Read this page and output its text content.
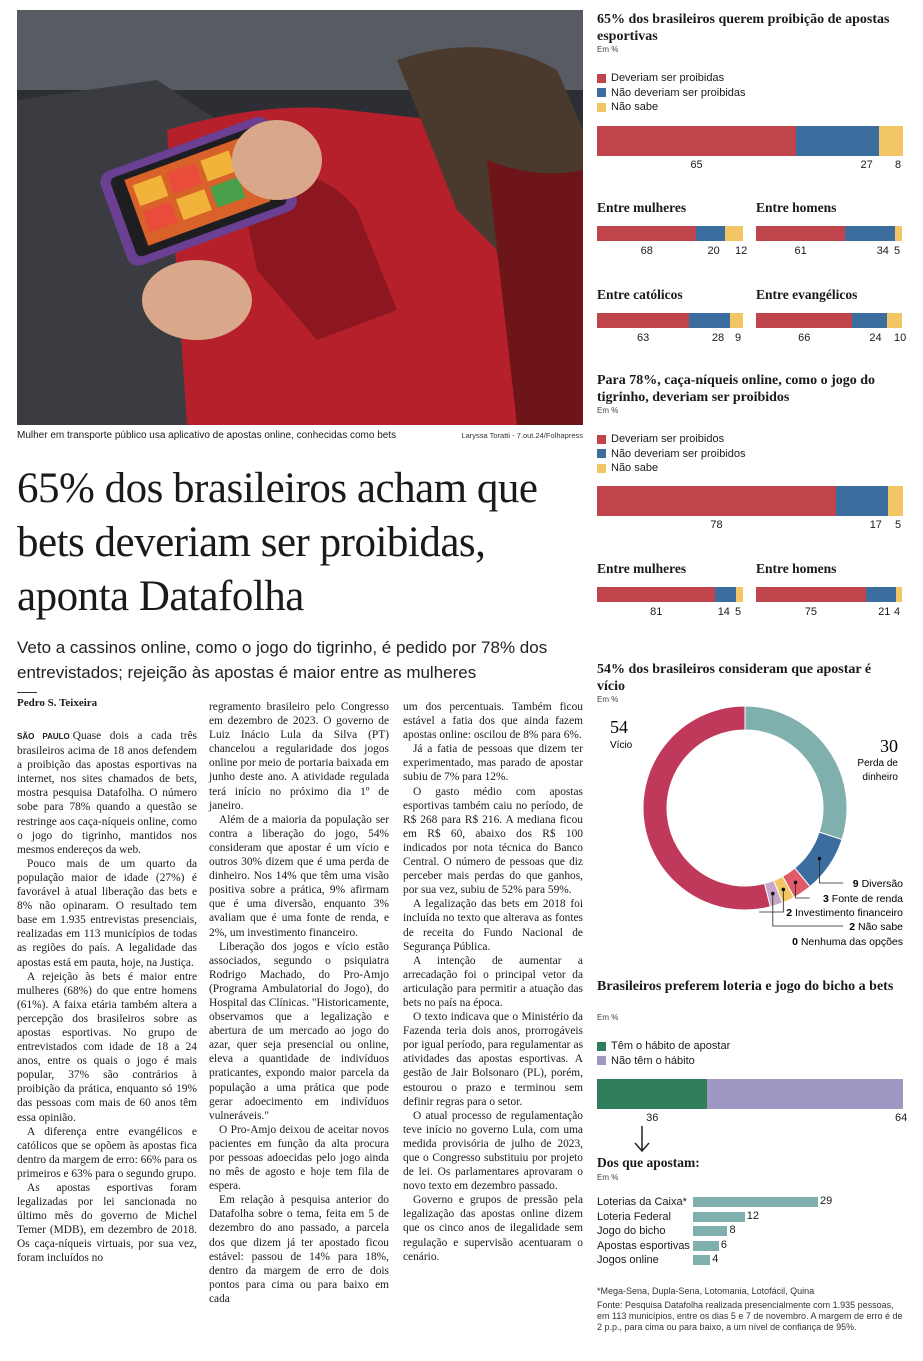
Mulher em transporte público usa aplicativo de apostas online, conhecidas como bets	Laryssa Toratti - 7.out.24/Folhapress
65% dos brasileiros acham que bets deveriam ser proibidas, aponta Datafolha
Veto a cassinos online, como o jogo do tigrinho, é pedido por 78% dos entrevistados; rejeição às apostas é maior entre as mulheres
Pedro S. Teixeira

SÃO PAULO Quase dois a cada três brasileiros acima de 18 anos defendem a proibição das apostas esportivas na internet, nos sites chamados de bets, mostra pesquisa Datafolha. O número sobe para 78% quando a questão se restringe aos caça-níqueis online, como o jogo do tigrinho, mantidos nos mesmos endereços da web.

Pouco mais de um quarto da população maior de idade (27%) é favorável à atual liberação das bets e 8% não opinaram. O resultado tem base em 1.935 entrevistas presenciais, realizadas em 113 municípios de todas as regiões do país. A legalidade das apostas está em pauta, hoje, na Justiça.

A rejeição às bets é maior entre mulheres (68%) do que entre homens (61%). A faixa etária também altera a percepção dos brasileiros sobre as apostas esportivas. No grupo de entrevistados com idade de 18 a 24 anos, entre os quais o jogo é mais popular, 37% são contrários à proibição da prática, enquanto só 19% das pessoas com mais de 60 anos têm essa opinião.

A diferença entre evangélicos e católicos que se opõem às apostas fica dentro da margem de erro: 66% para os primeiros e 63% para o segundo grupo.

As apostas esportivas foram legalizadas por lei sancionada no último mês do governo de Michel Temer (MDB), em dezembro de 2018. Os caça-níqueis virtuais, por sua vez, foram incluídos no

regramento brasileiro pelo Congresso em dezembro de 2023. O governo de Luiz Inácio Lula da Silva (PT) chancelou a regularidade dos jogos online por meio de portaria baixada em junho deste ano. A atividade regulada terá início no próximo dia 1º de janeiro.

Além de a maioria da população ser contra a liberação do jogo, 54% consideram que apostar é um vício e outros 30% dizem que é uma perda de dinheiro. Nos 14% que têm uma visão positiva sobre a prática, 9% afirmam que é uma diversão, enquanto 3% avaliam que é uma fonte de renda, e 2%, um investimento financeiro.

Liberação dos jogos e vício estão associados, segundo o psiquiatra Rodrigo Machado, do Pro-Amjo (Programa Ambulatorial do Jogo), do Hospital das Clínicas. "Historicamente, observamos que a legalização e abertura de um mercado ao jogo do azar, quer seja presencial ou online, eleva a quantidade de indivíduos praticantes, expondo maior parcela da população a uma prática que pode gerar adoecimento em indivíduos vulneráveis."

O Pro-Amjo deixou de aceitar novos pacientes em função da alta procura por pessoas adoecidas pelo jogo ainda no mês de agosto e hoje tem fila de espera.

Em relação à pesquisa anterior do Datafolha sobre o tema, feita em 5 de dezembro do ano passado, a parcela dos que dizem já ter apostado ficou estável: passou de 14% para 18%, dentro da margem de erro de dois pontos para cima ou para baixo em cada

um dos percentuais. Também ficou estável a fatia dos que ainda fazem apostas online: oscilou de 8% para 6%.

Já a fatia de pessoas que dizem ter experimentado, mas parado de apostar subiu de 7% para 12%.

O gasto médio com apostas esportivas também caiu no período, de R$ 268 para R$ 216. A mediana ficou em R$ 60, abaixo dos R$ 100 indicados por nota técnica do Banco Central. O número de pessoas que diz perceber mais perdas do que ganhos, por sua vez, subiu de 52% para 59%.

A legalização das bets em 2018 foi incluída no texto que alterava as fontes de receita do Fundo Nacional de Segurança Pública.

A intenção de aumentar a arrecadação foi o principal vetor da articulação para permitir a atuação das bets no país na época.

O texto indicava que o Ministério da Fazenda teria dois anos, prorrogáveis por igual período, para regulamentar as atividades das apostas esportivas. A gestão de Jair Bolsonaro (PL), porém, estourou o prazo e terminou sem definir regras para o setor.

O atual processo de regulamentação teve início no governo Lula, com uma medida provisória de julho de 2023, que o Congresso substituiu por projeto de lei. Os parlamentares aprovaram o novo texto em dezembro passado.

Governo e grupos de pressão pela legalização das apostas online dizem que os cinco anos de ilegalidade sem regulação e supervisão acentuaram o cenário.

65% dos brasileiros querem proibição de apostas esportivas
Em %
Deveriam ser proibidas
Não deveriam ser proibidas
Não sabe
Entre mulheres	Entre homens
Entre católicos	Entre evangélicos
Para 78%, caça-níqueis online, como o jogo do tigrinho, deveriam ser proibidos
Em %
Deveriam ser proibidos
Não deveriam ser proibidos
Não sabe
Entre mulheres	Entre homens
54% dos brasileiros consideram que apostar é vício
Em %
54
Vício	30
Perda de
dinheiro
9 Diversão
3 Fonte de renda
2 Investimento financeiro
2 Não sabe
0 Nenhuma das opções
Brasileiros preferem loteria e jogo do bicho a bets
Em %
Têm o hábito de apostar
Não têm o hábito
Dos que apostam:
Em %
Loterias da Caixa*	29
Loteria Federal	12
Jogo do bicho	8
Apostas esportivas	6
Jogos online	4
*Mega-Sena, Dupla-Sena, Lotomania, Lotofácil, Quina
Fonte: Pesquisa Datafolha realizada presencialmente com 1.935 pessoas, em 113 municípios, entre os dias 5 e 7 de novembro. A margem de erro é de 2 p.p., para cima ou para baixo, a um nível de confiança de 95%.
65	27 8
68	20 12	61	34 5
63	28 9	66	24 10
78	17 5
81	14 5	75	21 4
36	64
